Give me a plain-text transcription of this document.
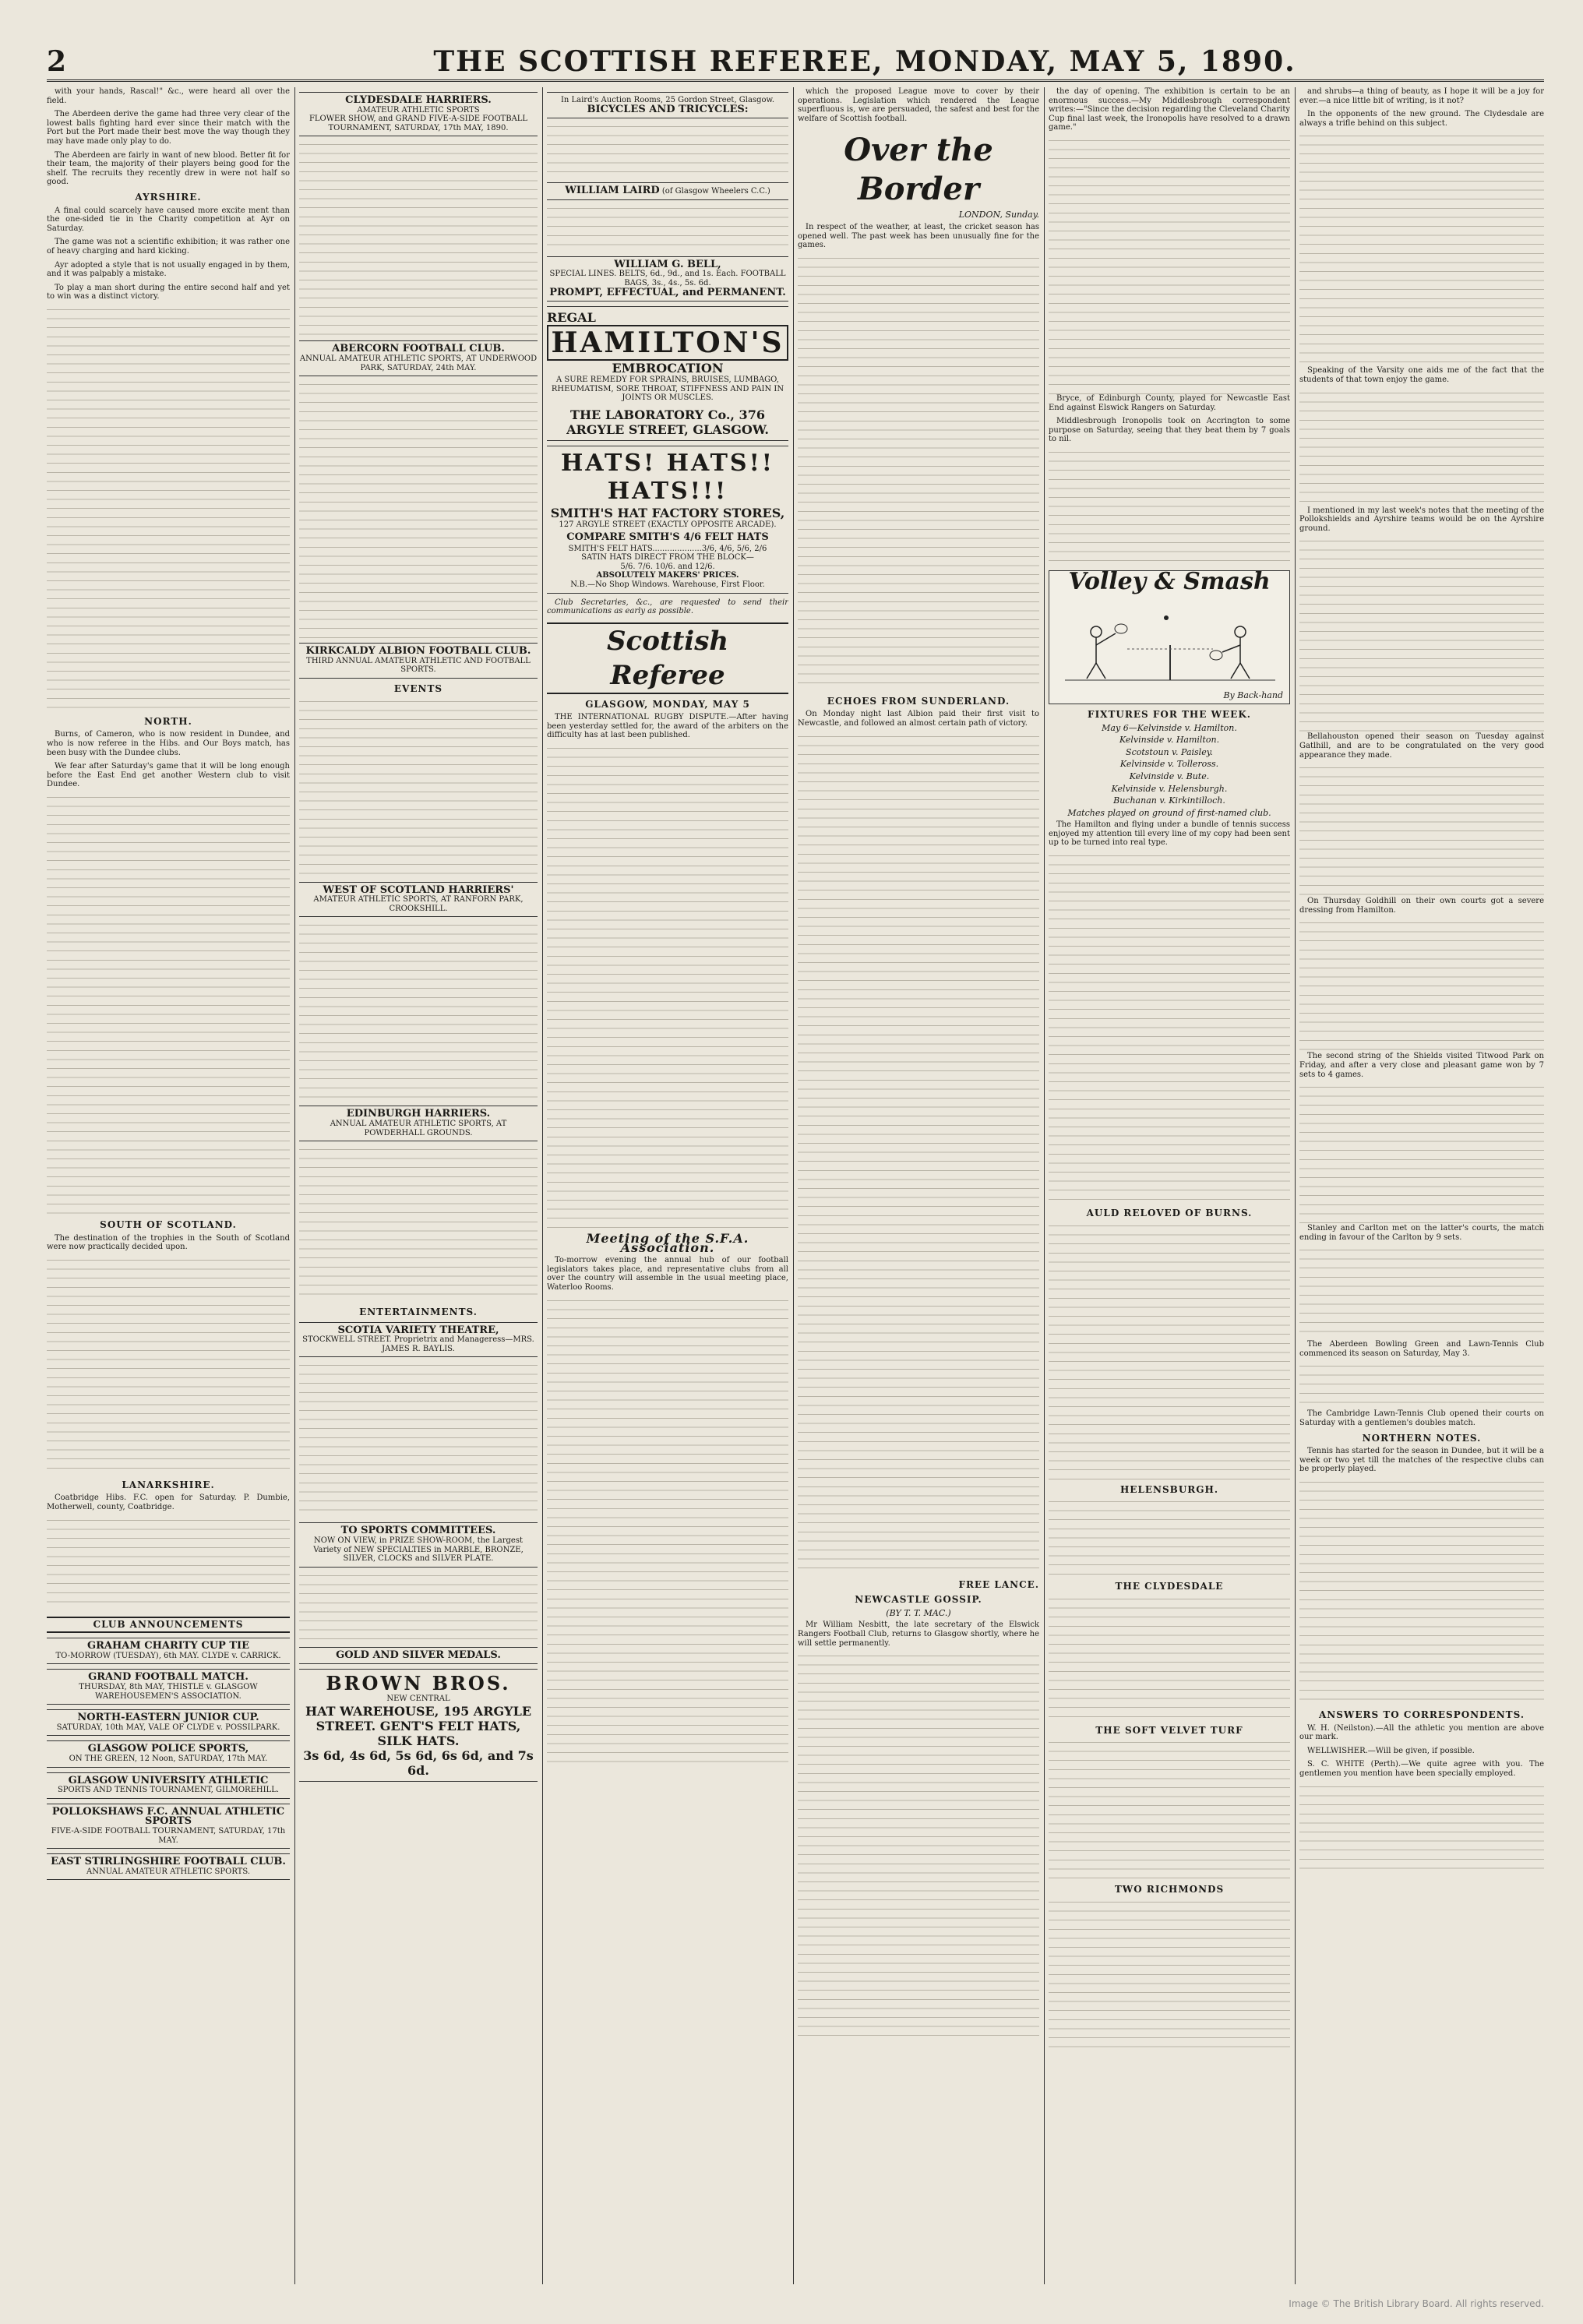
2	THE SCOTTISH REFEREE, MONDAY, MAY 5, 1890.

with your hands, Rascal!" &c., were heard all over the field.

The Aberdeen derive the game had three very clear of the lowest balls fighting hard ever since their match with the Port but the Port made their best move the way though they may have made only play to do.

The Aberdeen are fairly in want of new blood. Better fit for their team, the majority of their players being good for the shelf. The recruits they recently drew in were not half so good.

AYRSHIRE.

A final could scarcely have caused more excite ment than the one-sided tie in the Charity competition at Ayr on Saturday.

The game was not a scientific exhibition; it was rather one of heavy charging and hard kicking.

Ayr adopted a style that is not usually engaged in by them, and it was palpably a mistake.

To play a man short during the entire second half and yet to win was a distinct victory.

NORTH.

Burns, of Cameron, who is now resident in Dundee, and who is now referee in the Hibs. and Our Boys match, has been busy with the Dundee clubs.

We fear after Saturday's game that it will be long enough before the East End get another Western club to visit Dundee.

SOUTH OF SCOTLAND.

The destination of the trophies in the South of Scotland were now practically decided upon.

LANARKSHIRE.

Coatbridge Hibs. F.C. open for Saturday. P. Dumbie, Motherwell, county, Coatbridge.

CLUB ANNOUNCEMENTS
GRAHAM CHARITY CUP TIE
TO-MORROW (TUESDAY), 6th MAY. CLYDE v. CARRICK.
GRAND FOOTBALL MATCH.
THURSDAY, 8th MAY, THISTLE v. GLASGOW WAREHOUSEMEN'S ASSOCIATION.
NORTH-EASTERN JUNIOR CUP.
SATURDAY, 10th MAY, VALE OF CLYDE v. POSSILPARK.
GLASGOW POLICE SPORTS,
ON THE GREEN, 12 Noon, SATURDAY, 17th MAY.
GLASGOW UNIVERSITY ATHLETIC
SPORTS AND TENNIS TOURNAMENT, GILMOREHILL.
POLLOKSHAWS F.C. ANNUAL ATHLETIC SPORTS
FIVE-A-SIDE FOOTBALL TOURNAMENT, SATURDAY, 17th MAY.
EAST STIRLINGSHIRE FOOTBALL CLUB.
ANNUAL AMATEUR ATHLETIC SPORTS.
CLYDESDALE HARRIERS.
AMATEUR ATHLETIC SPORTS
FLOWER SHOW, and GRAND FIVE-A-SIDE FOOTBALL TOURNAMENT, SATURDAY, 17th MAY, 1890.
ABERCORN FOOTBALL CLUB.
ANNUAL AMATEUR ATHLETIC SPORTS, AT UNDERWOOD PARK, SATURDAY, 24th MAY.
KIRKCALDY ALBION FOOTBALL CLUB.
THIRD ANNUAL AMATEUR ATHLETIC AND FOOTBALL SPORTS.
EVENTS
WEST OF SCOTLAND HARRIERS'
AMATEUR ATHLETIC SPORTS, AT RANFORN PARK, CROOKSHILL.
EDINBURGH HARRIERS.
ANNUAL AMATEUR ATHLETIC SPORTS, AT POWDERHALL GROUNDS.
ENTERTAINMENTS.
SCOTIA VARIETY THEATRE,
STOCKWELL STREET. Proprietrix and Manageress—MRS. JAMES R. BAYLIS.
TO SPORTS COMMITTEES.
NOW ON VIEW, in PRIZE SHOW-ROOM, the Largest Variety of NEW SPECIALTIES in MARBLE, BRONZE, SILVER, CLOCKS and SILVER PLATE.
GOLD AND SILVER MEDALS.
BROWN BROS.
NEW CENTRAL
HAT WAREHOUSE, 195 ARGYLE STREET. GENT'S FELT HATS, SILK HATS.
3s 6d, 4s 6d, 5s 6d, 6s 6d, and 7s 6d.
In Laird's Auction Rooms, 25 Gordon Street, Glasgow.
BICYCLES AND TRICYCLES:
WILLIAM LAIRD (of Glasgow Wheelers C.C.)
WILLIAM G. BELL,
SPECIAL LINES. BELTS, 6d., 9d., and 1s. Each. FOOTBALL BAGS, 3s., 4s., 5s. 6d.
PROMPT, EFFECTUAL, and PERMANENT.
REGAL
HAMILTON'S
EMBROCATION
A SURE REMEDY FOR SPRAINS, BRUISES, LUMBAGO, RHEUMATISM, SORE THROAT, STIFFNESS AND PAIN IN JOINTS OR MUSCLES.
THE LABORATORY Co., 376 ARGYLE STREET, GLASGOW.
HATS! HATS!! HATS!!!
SMITH'S HAT FACTORY STORES,
127 ARGYLE STREET (EXACTLY OPPOSITE ARCADE).
COMPARE SMITH'S 4/6 FELT HATS
SMITH'S FELT HATS....................3/6, 4/6, 5/6, 2/6
SATIN HATS DIRECT FROM THE BLOCK—
5/6. 7/6. 10/6. and 12/6.
ABSOLUTELY MAKERS' PRICES.
N.B.—No Shop Windows. Warehouse, First Floor.

Club Secretaries, &c., are requested to send their communications as early as possible.

Scottish Referee
GLASGOW, MONDAY, MAY 5

THE INTERNATIONAL RUGBY DISPUTE.—After having been yesterday settled for, the award of the arbiters on the difficulty has at last been published.

Meeting of the S.F.A. Association.

To-morrow evening the annual hub of our football legislators takes place, and representative clubs from all over the country will assemble in the usual meeting place, Waterloo Rooms.

which the proposed League move to cover by their operations. Legislation which rendered the League superfluous is, we are persuaded, the safest and best for the welfare of Scottish football.

Over the Border
LONDON, Sunday.

In respect of the weather, at least, the cricket season has opened well. The past week has been unusually fine for the games.

ECHOES FROM SUNDERLAND.

On Monday night last Albion paid their first visit to Newcastle, and followed an almost certain path of victory.

FREE LANCE.
NEWCASTLE GOSSIP.
(BY T. T. MAC.)

Mr William Nesbitt, the late secretary of the Elswick Rangers Football Club, returns to Glasgow shortly, where he will settle permanently.

the day of opening. The exhibition is certain to be an enormous success.—My Middlesbrough correspondent writes:—"Since the decision regarding the Cleveland Charity Cup final last week, the Ironopolis have resolved to a drawn game."

Bryce, of Edinburgh County, played for Newcastle East End against Elswick Rangers on Saturday.

Middlesbrough Ironopolis took on Accrington to some purpose on Saturday, seeing that they beat them by 7 goals to nil.

Volley & Smash
By Back-hand
FIXTURES FOR THE WEEK.
May 6—Kelvinside v. Hamilton.
Kelvinside v. Hamilton.
Scotstoun v. Paisley.
Kelvinside v. Tolleross.
Kelvinside v. Bute.
Kelvinside v. Helensburgh.
Buchanan v. Kirkintilloch.
Matches played on ground of first-named club.

The Hamilton and flying under a bundle of tennis success enjoyed my attention till every line of my copy had been sent up to be turned into real type.

AULD RELOVED OF BURNS.
HELENSBURGH.
THE CLYDESDALE
THE SOFT VELVET TURF
TWO RICHMONDS

and shrubs—a thing of beauty, as I hope it will be a joy for ever.—a nice little bit of writing, is it not?

In the opponents of the new ground. The Clydesdale are always a trifle behind on this subject.

Speaking of the Varsity one aids me of the fact that the students of that town enjoy the game.

I mentioned in my last week's notes that the meeting of the Pollokshields and Ayrshire teams would be on the Ayrshire ground.

Bellahouston opened their season on Tuesday against Gatlhill, and are to be congratulated on the very good appearance they made.

On Thursday Goldhill on their own courts got a severe dressing from Hamilton.

The second string of the Shields visited Titwood Park on Friday, and after a very close and pleasant game won by 7 sets to 4 games.

Stanley and Carlton met on the latter's courts, the match ending in favour of the Carlton by 9 sets.

The Aberdeen Bowling Green and Lawn-Tennis Club commenced its season on Saturday, May 3.

The Cambridge Lawn-Tennis Club opened their courts on Saturday with a gentlemen's doubles match.

NORTHERN NOTES.

Tennis has started for the season in Dundee, but it will be a week or two yet till the matches of the respective clubs can be properly played.

ANSWERS TO CORRESPONDENTS.

W. H. (Neilston).—All the athletic you mention are above our mark.

WELLWISHER.—Will be given, if possible.

S. C. WHITE (Perth).—We quite agree with you. The gentlemen you mention have been specially employed.

Image © The British Library Board. All rights reserved.
